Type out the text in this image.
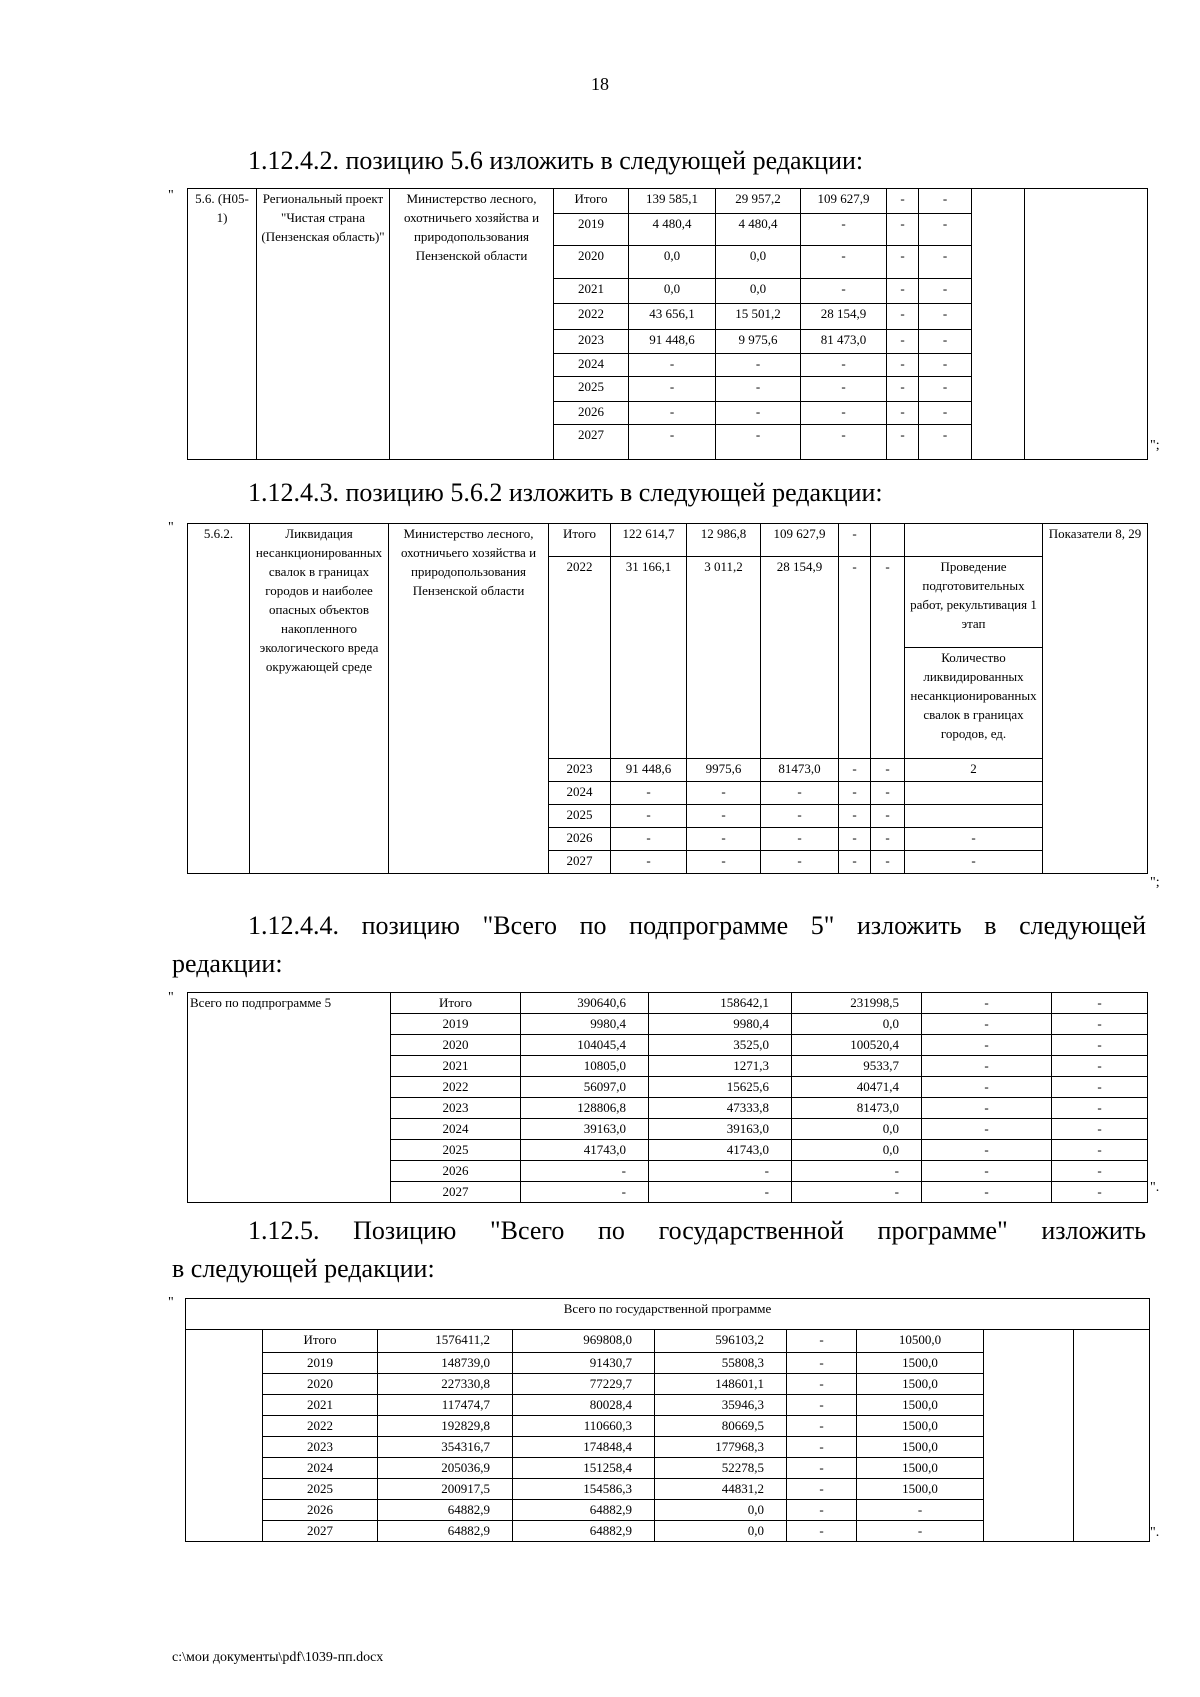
18
1.12.4.2. позицию 5.6 изложить в следующей редакции:
" 5.6. (Н05-1)	Региональный проект "Чистая страна (Пензенская область)"	Министерство лесного, охотничьего хозяйства и природопользования Пензенской области	Итого	139 585,1	29 957,2	109 627,9	-	-			
			2019	4 480,4	4 480,4	-	-	-			
			2020	0,0	0,0	-	-	-			
			2021	0,0	0,0	-	-	-			
			2022	43 656,1	15 501,2	28 154,9	-	-			
			2023	91 448,6	9 975,6	81 473,0	-	-			
			2024	-	-	-	-	-			
			2025	-	-	-	-	-			
			2026	-	-	-	-	-			
			2027	-	-	-	-	-			
";
1.12.4.3. позицию 5.6.2 изложить в следующей редакции:
" 5.6.2.	Ликвидация несанкционированных свалок в границах городов и наиболее опасных объектов накопленного экологического вреда окружающей среде	Министерство лесного, охотничьего хозяйства и природопользования Пензенской области	Итого	122 614,7	12 986,8	109 627,9	-			Показатели 8, 29
			2022	31 166,1	3 011,2	28 154,9	-	-	Проведение подготовительных работ, рекультивация 1 этап	
									Количество ликвидированных несанкционированных свалок в границах городов, ед.	
			2023	91 448,6	9975,6	81473,0	-	-	2	
			2024	-	-	-	-	-		
			2025	-	-	-	-	-		
			2026	-	-	-	-	-	-	
			2027	-	-	-	-	-	-	
";
1.12.4.4. позицию "Всего по подпрограмме 5" изложить в следующей
редакции:
" Всего по подпрограмме 5	Итого	390640,6	158642,1	231998,5	-	-
	2019	9980,4	9980,4	0,0	-	-
	2020	104045,4	3525,0	100520,4	-	-
	2021	10805,0	1271,3	9533,7	-	-
	2022	56097,0	15625,6	40471,4	-	-
	2023	128806,8	47333,8	81473,0	-	-
	2024	39163,0	39163,0	0,0	-	-
	2025	41743,0	41743,0	0,0	-	-
	2026	-	-	-	-	-
	2027	-	-	-	-	-	".
1.12.5. Позицию "Всего по государственной программе" изложить
в следующей редакции:
"	Всего по государственной программе								
	Итого	1576411,2	969808,0	596103,2	-	10500,0		
	2019	148739,0	91430,7	55808,3	-	1500,0		
	2020	227330,8	77229,7	148601,1	-	1500,0		
	2021	117474,7	80028,4	35946,3	-	1500,0		
	2022	192829,8	110660,3	80669,5	-	1500,0		
	2023	354316,7	174848,4	177968,3	-	1500,0		
	2024	205036,9	151258,4	52278,5	-	1500,0		
	2025	200917,5	154586,3	44831,2	-	1500,0		
	2026	64882,9	64882,9	0,0	-	-		
	2027	64882,9	64882,9	0,0	-	-			".
c:\мои документы\pdf\1039-пп.docx
